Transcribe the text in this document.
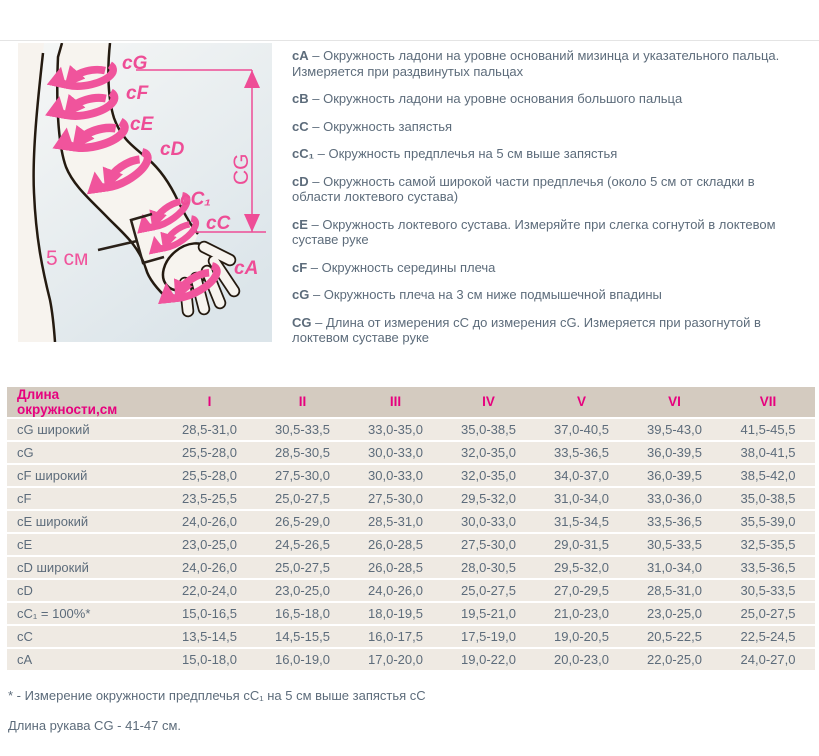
5 см
CG
cG
cF
cE
cD
cC₁
cC
cA

cA – Окружность ладони на уровне оснований мизинца и указательного пальца. Измеряется при раздвинутых пальцах

cB – Окружность ладони на уровне основания большого пальца

cC – Окружность запястья

cC₁ – Окружность предплечья на 5 см выше запястья

cD – Окружность самой широкой части предплечья (около 5 см от складки в области локтевого сустава)

cE – Окружность локтевого сустава. Измеряйте при слегка согнутой в локтевом суставе руке

cF – Окружность середины плеча

cG – Окружность плеча на 3 см ниже подмышечной впадины

CG – Длина от измерения cC до измерения cG. Измеряется при разогнутой в локтевом суставе руке

Длина окружности,см	I	II	III	IV	V	VI	VII
cG широкий	28,5-31,0	30,5-33,5	33,0-35,0	35,0-38,5	37,0-40,5	39,5-43,0	41,5-45,5
cG	25,5-28,0	28,5-30,5	30,0-33,0	32,0-35,0	33,5-36,5	36,0-39,5	38,0-41,5
cF широкий	25,5-28,0	27,5-30,0	30,0-33,0	32,0-35,0	34,0-37,0	36,0-39,5	38,5-42,0
cF	23,5-25,5	25,0-27,5	27,5-30,0	29,5-32,0	31,0-34,0	33,0-36,0	35,0-38,5
cE широкий	24,0-26,0	26,5-29,0	28,5-31,0	30,0-33,0	31,5-34,5	33,5-36,5	35,5-39,0
cE	23,0-25,0	24,5-26,5	26,0-28,5	27,5-30,0	29,0-31,5	30,5-33,5	32,5-35,5
cD широкий	24,0-26,0	25,0-27,5	26,0-28,5	28,0-30,5	29,5-32,0	31,0-34,0	33,5-36,5
cD	22,0-24,0	23,0-25,0	24,0-26,0	25,0-27,5	27,0-29,5	28,5-31,0	30,5-33,5
cC₁ = 100%*	15,0-16,5	16,5-18,0	18,0-19,5	19,5-21,0	21,0-23,0	23,0-25,0	25,0-27,5
cC	13,5-14,5	14,5-15,5	16,0-17,5	17,5-19,0	19,0-20,5	20,5-22,5	22,5-24,5
cA	15,0-18,0	16,0-19,0	17,0-20,0	19,0-22,0	20,0-23,0	22,0-25,0	24,0-27,0

* - Измерение окружности предплечья cC₁ на 5 см выше запястья cC

Длина рукава CG - 41-47 см.
